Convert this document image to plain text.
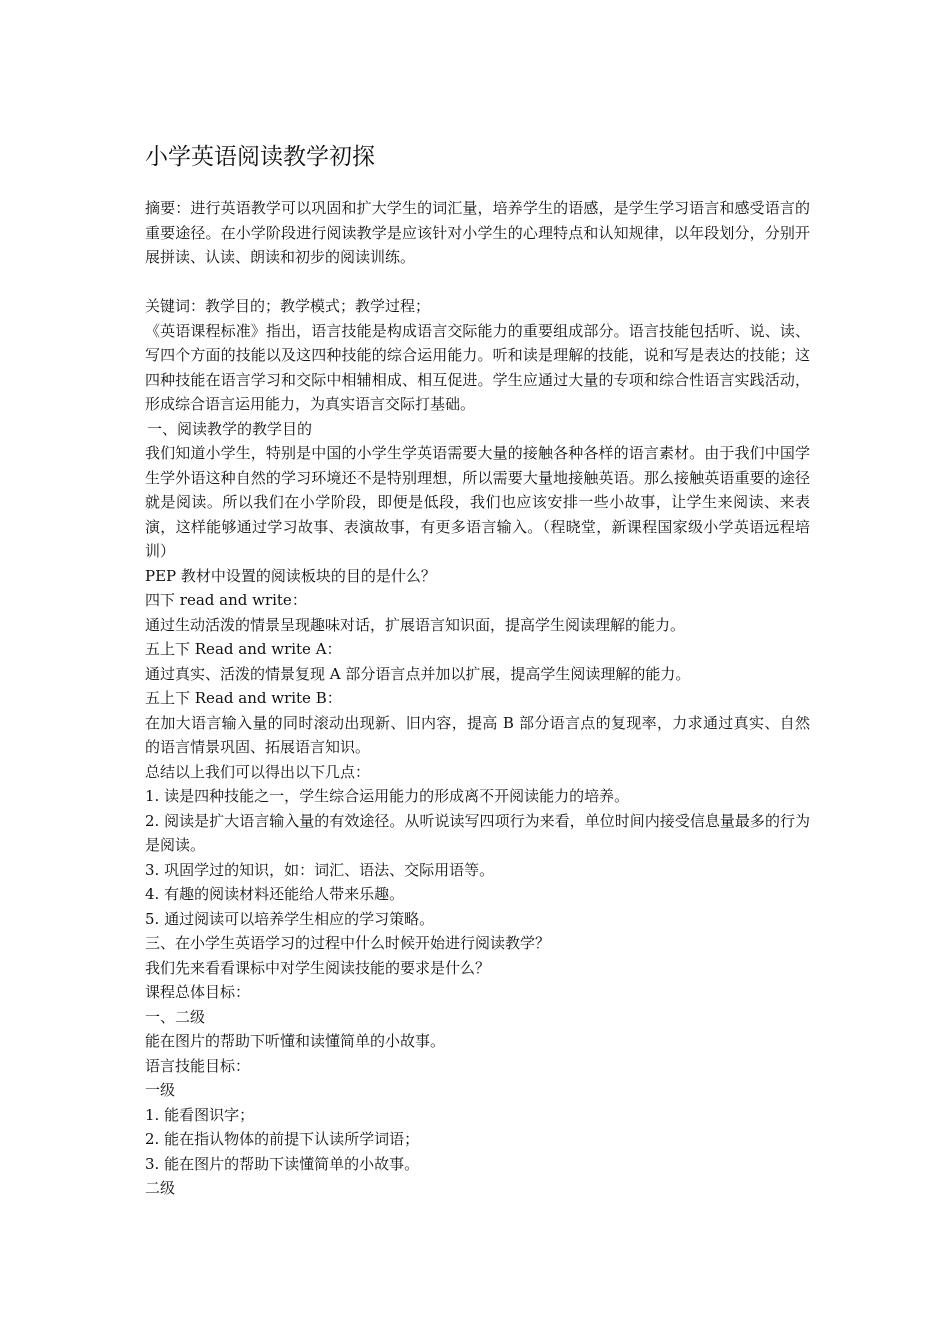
小学英语阅读教学初探

摘要：进行英语教学可以巩固和扩大学生的词汇量，培养学生的语感，是学生学习语言和感受语言的重要途径。在小学阶段进行阅读教学是应该针对小学生的心理特点和认知规律，以年段划分，分别开展拼读、认读、朗读和初步的阅读训练。

关键词：教学目的；教学模式；教学过程；

《英语课程标准》指出，语言技能是构成语言交际能力的重要组成部分。语言技能包括听、说、读、写四个方面的技能以及这四种技能的综合运用能力。听和读是理解的技能，说和写是表达的技能；这四种技能在语言学习和交际中相辅相成、相互促进。学生应通过大量的专项和综合性语言实践活动，形成综合语言运用能力，为真实语言交际打基础。

一、阅读教学的教学目的

我们知道小学生，特别是中国的小学生学英语需要大量的接触各种各样的语言素材。由于我们中国学生学外语这种自然的学习环境还不是特别理想，所以需要大量地接触英语。那么接触英语重要的途径就是阅读。所以我们在小学阶段，即便是低段，我们也应该安排一些小故事，让学生来阅读、来表演，这样能够通过学习故事、表演故事，有更多语言输入。（程晓堂，新课程国家级小学英语远程培训）

PEP 教材中设置的阅读板块的目的是什么？

四下 read and write：

通过生动活泼的情景呈现趣味对话，扩展语言知识面，提高学生阅读理解的能力。

五上下 Read and write A：

通过真实、活泼的情景复现 A 部分语言点并加以扩展，提高学生阅读理解的能力。

五上下 Read and write B：

在加大语言输入量的同时滚动出现新、旧内容，提高 B 部分语言点的复现率，力求通过真实、自然的语言情景巩固、拓展语言知识。

总结以上我们可以得出以下几点：

1. 读是四种技能之一，学生综合运用能力的形成离不开阅读能力的培养。

2. 阅读是扩大语言输入量的有效途径。从听说读写四项行为来看，单位时间内接受信息量最多的行为是阅读。

3. 巩固学过的知识，如：词汇、语法、交际用语等。

4. 有趣的阅读材料还能给人带来乐趣。

5. 通过阅读可以培养学生相应的学习策略。

三、在小学生英语学习的过程中什么时候开始进行阅读教学？

我们先来看看课标中对学生阅读技能的要求是什么？

课程总体目标：

一、二级

能在图片的帮助下听懂和读懂简单的小故事。

语言技能目标：

一级

1. 能看图识字；

2. 能在指认物体的前提下认读所学词语；

3. 能在图片的帮助下读懂简单的小故事。

二级
